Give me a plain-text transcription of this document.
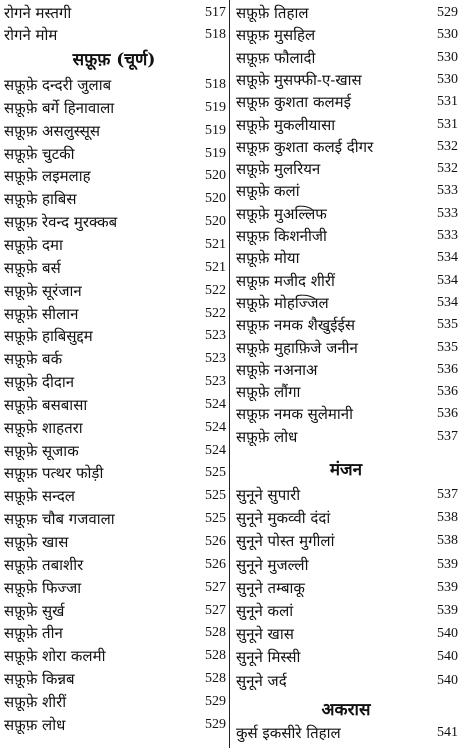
रोगने मस्तगी	517
रोगने मोम	518
सफ़ूफ़ (चूर्ण)
सफ़ूफ़े दन्दरी जुलाब	518
सफ़ूफ़े बर्गे हिनावाला	519
सफ़ूफ़ असलुस्सूस	519
सफ़ूफ़े चुटकी	519
सफ़ूफ़े लइमलाह	520
सफ़ूफ़े हाबिस	520
सफ़ूफ़ रेवन्द मुरक्कब	520
सफ़ूफ़े दमा	521
सफ़ूफ़े बर्स	521
सफ़ूफ़े सूरंजान	522
सफ़ूफ़े सीलान	522
सफ़ूफ़े हाबिसुद्दम	523
सफ़ूफ़े बर्क	523
सफ़ूफ़े दीदान	523
सफ़ूफ़े बसबासा	524
सफ़ूफ़े शाहतरा	524
सफ़ूफ़े सूजाक	524
सफ़ूफ़ पत्थर फोड़ी	525
सफ़ूफ़े सन्दल	525
सफ़ूफ़ चौब गजवाला	525
सफ़ूफ़े खास	526
सफ़ूफ़े तबाशीर	526
सफ़ूफ़े फिज्जा	527
सफ़ूफ़े सुर्ख	527
सफ़ूफ़े तीन	528
सफ़ूफ़े शोरा कलमी	528
सफ़ूफ़े किन्नब	528
सफ़ूफ़े शीरीं	529
सफ़ूफ़ लोध	529
सफ़ूफ़े तिहाल	529
सफ़ूफ़ मुसहिल	530
सफ़ूफ़ फौलादी	530
सफ़ूफ़े मुसफ्फी-ए-खास	530
सफ़ूफ़ कुशता कलमई	531
सफ़ूफ़े मुकलीयासा	531
सफ़ूफ़ कुशता कलई दीगर	532
सफ़ूफ़े मुलरियन	532
सफ़ूफ़े कलां	533
सफ़ूफ़े मुअल्लिफ	533
सफ़ूफ़ किशनीजी	533
सफ़ूफ़े मोया	534
सफ़ूफ़ मजीद शीरीं	534
सफ़ूफ़े मोहज्जिल	534
सफ़ूफ़ नमक शैखुईईस	535
सफ़ूफ़े मुहाफ़िजे जनीन	535
सफ़ूफ़े नअनाअ	536
सफ़ूफ़े लौंगा	536
सफ़ूफ़ नमक सुलेमानी	536
सफ़ूफ़े लोध	537
मंजन
सुनूने सुपारी	537
सुनूने मुकव्वी दंदां	538
सुनूने पोस्त मुगीलां	538
सुनूने मुजल्ली	539
सुनूने तम्बाकू	539
सुनूने कलां	539
सुनूने खास	540
सुनूने मिस्सी	540
सुनूने जर्द	540
अकरास
कुर्स इकसीरे तिहाल	541
